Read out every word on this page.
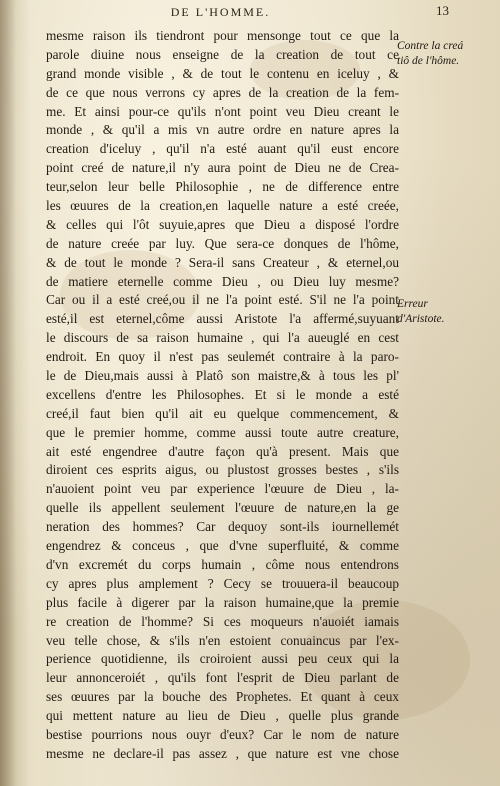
DE L'HOMME.	13
mesme raison ils tiendront pour mensonge tout ce que la
parole diuine nous enseigne de la creation de tout ce
grand monde visible , & de tout le contenu en iceluy , &
de ce que nous verrons cy apres de la creation de la fem-
me. Et ainsi pour-ce qu'ils n'ont point veu Dieu creant le
monde , & qu'il a mis vn autre ordre en nature apres la
creation d'iceluy , qu'il n'a esté auant qu'il eust encore
point creé de nature,il n'y aura point de Dieu ne de Crea-
teur,selon leur belle Philosophie , ne de difference entre
les œuures de la creation,en laquelle nature a esté creée,
& celles qui l'ôt suyuie,apres que Dieu a disposé l'ordre
de nature creée par luy. Que sera-ce donques de l'hôme,
& de tout le monde ? Sera-il sans Createur , & eternel,ou
de matiere eternelle comme Dieu , ou Dieu luy mesme?
Car ou il a esté creé,ou il ne l'a point esté. S'il ne l'a point
esté,il est eternel,côme aussi Aristote l'a affermé,suyuant
le discours de sa raison humaine , qui l'a aueuglé en cest
endroit. En quoy il n'est pas seulemét contraire à la paro-
le de Dieu,mais aussi à Platô son maistre,& à tous les pl'
excellens d'entre les Philosophes. Et si le monde a esté
creé,il faut bien qu'il ait eu quelque commencement, &
que le premier homme, comme aussi toute autre creature,
ait esté engendree d'autre façon qu'à present. Mais que
diroient ces esprits aigus, ou plustost grosses bestes , s'ils
n'auoient point veu par experience l'œuure de Dieu , la-
quelle ils appellent seulement l'œuure de nature,en la ge
neration des hommes? Car dequoy sont-ils iournellemét
engendrez & conceus , que d'vne superfluité, & comme
d'vn excremét du corps humain , côme nous entendrons
cy apres plus amplement ? Cecy se trouuera-il beaucoup
plus facile à digerer par la raison humaine,que la premie
re creation de l'homme? Si ces moqueurs n'auoiét iamais
veu telle chose, & s'ils n'en estoient conuaincus par l'ex-
perience quotidienne, ils croiroient aussi peu ceux qui la
leur annonceroiét , qu'ils font l'esprit de Dieu parlant de
ses œuures par la bouche des Prophetes. Et quant à ceux
qui mettent nature au lieu de Dieu , quelle plus grande
bestise pourrions nous ouyr d'eux? Car le nom de nature
mesme ne declare-il pas assez , que nature est vne chose
Contre la creá
tiô de l'hôme.
Erreur
d'Aristote.
